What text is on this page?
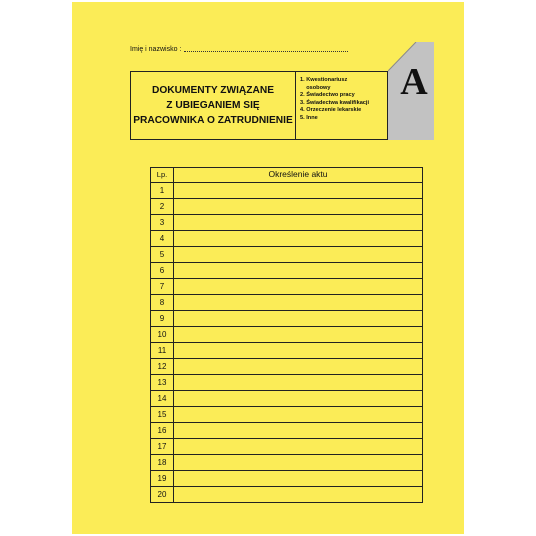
Imię i nazwisko :
DOKUMENTY ZWIĄZANE
Z UBIEGANIEM SIĘ
PRACOWNIKA O ZATRUDNIENIE
1. Kwestionariusz
osobowy
2. Świadectwo pracy
3. Świadectwa kwalifikacji
4. Orzeczenie lekarskie
5. Inne
A
Lp.	Określenie aktu
1
2
3
4
5
6
7
8
9
10
11
12
13
14
15
16
17
18
19
20
